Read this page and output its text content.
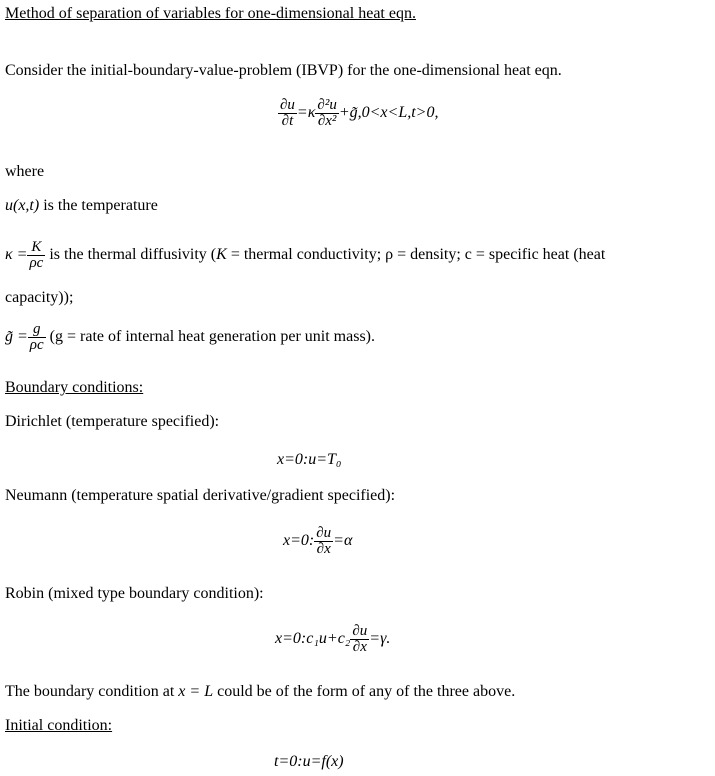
Method of separation of variables for one-dimensional heat eqn.
Consider the initial-boundary-value-problem (IBVP) for the one-dimensional heat eqn.
$\frac{\partial u}{\partial t} =\kappa \frac{\text{∂²u}}{\text{∂x²}}$ +g̃,0<x<L,t>0,
where
u(x,t) is the temperature
$\kappa = \frac{K}{\rho c}$ is the thermal diffusivity (K = thermal conductivity; ρ = density; c = specific heat (heat
capacity));
g̃ = $\frac{g}{\rho c} (g$ = rate of internal heat generation per unit mass).
Boundary conditions:
Dirichlet (temperature specified):
x=0:u=T₀
Neumann (temperature spatial derivative/gradient specified):
x=0: $\frac{\partial u}{\partial x} =\alpha$
Robin (mixed type boundary condition):
x=0:c₁u+c₂ $\frac{\partial u}{\partial x} =\gamma$.
The boundary condition at x = L could be of the form of any of the three above.
Initial condition:
t=0:u=f(x)
